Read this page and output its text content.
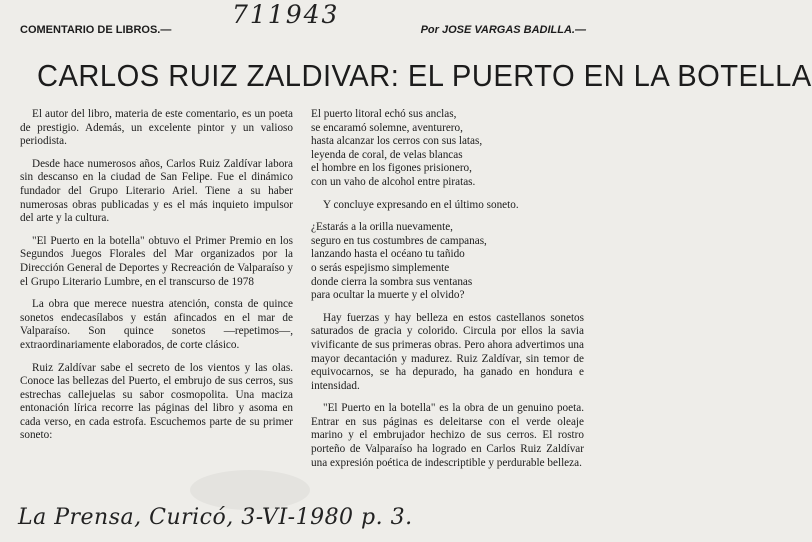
711943
COMENTARIO DE LIBROS.—	Por JOSE VARGAS BADILLA.—
CARLOS RUIZ ZALDIVAR: EL PUERTO EN LA BOTELLA

El autor del libro, materia de este comentario, es un poeta de prestigio. Además, un excelente pintor y un valioso periodista.

Desde hace numerosos años, Carlos Ruiz Zaldívar labora sin descanso en la ciudad de San Felipe. Fue el dinámico fundador del Grupo Literario Ariel. Tiene a su haber numerosas obras publicadas y es el más inquieto impulsor del arte y la cultura.

"El Puerto en la botella" obtuvo el Primer Premio en los Segundos Juegos Florales del Mar organizados por la Dirección General de Deportes y Recreación de Valparaíso y el Grupo Literario Lumbre, en el transcurso de 1978

La obra que merece nuestra atención, consta de quince sonetos endecasílabos y están afincados en el mar de Valparaíso. Son quince sonetos —repetimos—, extraordinariamente elaborados, de corte clásico.

Ruiz Zaldívar sabe el secreto de los vientos y las olas. Conoce las bellezas del Puerto, el embrujo de sus cerros, sus estrechas callejuelas su sabor cosmopolita. Una maciza entonación lírica recorre las páginas del libro y asoma en cada verso, en cada estrofa. Escuchemos parte de su primer soneto:

El puerto litoral echó sus anclas,
se encaramó solemne, aventurero,
hasta alcanzar los cerros con sus latas,
leyenda de coral, de velas blancas
el hombre en los figones prisionero,
con un vaho de alcohol entre piratas.

Y concluye expresando en el último soneto.

¿Estarás a la orilla nuevamente,
seguro en tus costumbres de campanas,
lanzando hasta el océano tu tañido
o serás espejismo simplemente
donde cierra la sombra sus ventanas
para ocultar la muerte y el olvido?

Hay fuerzas y hay belleza en estos castellanos sonetos saturados de gracia y colorido. Circula por ellos la savia vivificante de sus primeras obras. Pero ahora advertimos una mayor decantación y madurez. Ruiz Zaldívar, sin temor de equivocarnos, se ha depurado, ha ganado en hondura e intensidad.

"El Puerto en la botella" es la obra de un genuino poeta. Entrar en sus páginas es deleitarse con el verde oleaje marino y el embrujador hechizo de sus cerros. El rostro porteño de Valparaíso ha logrado en Carlos Ruiz Zaldívar una expresión poética de indescriptible y perdurable belleza.

La Prensa, Curicó, 3-VI-1980 p. 3.
